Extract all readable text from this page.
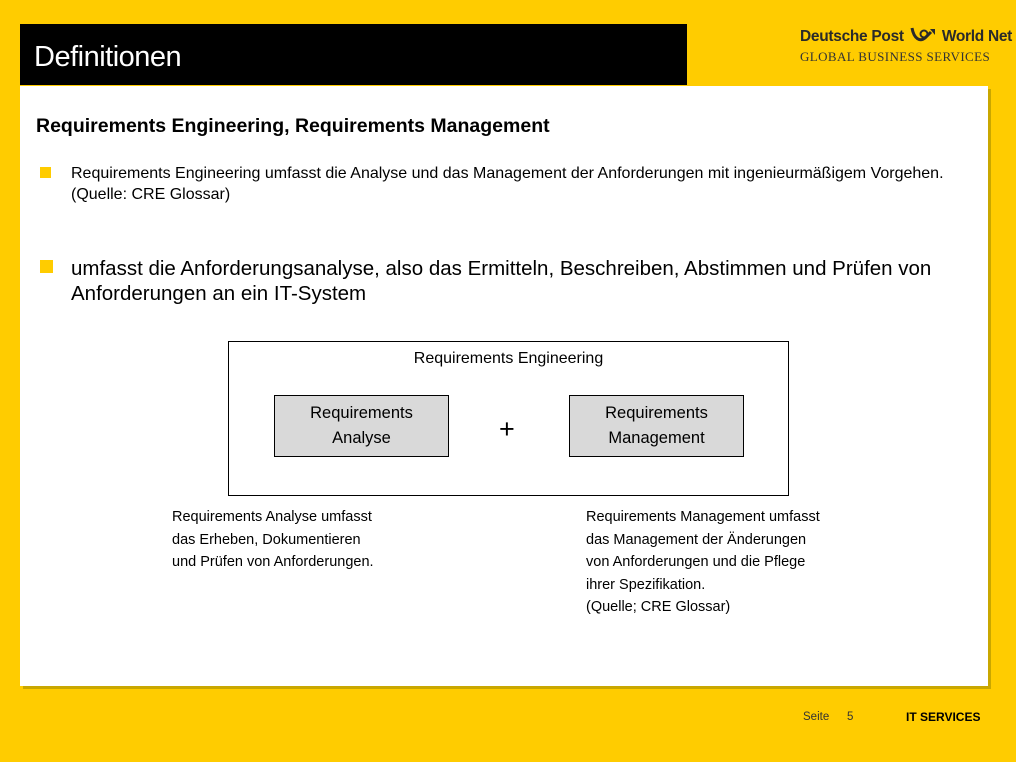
Definitionen
Deutsche Post World Net
GLOBAL BUSINESS SERVICES
Requirements Engineering, Requirements Management
Requirements Engineering umfasst die Analyse und das Management der Anforderungen mit ingenieurmäßigem Vorgehen.
(Quelle: CRE Glossar)
umfasst die Anforderungsanalyse, also das Ermitteln, Beschreiben, Abstimmen und Prüfen von Anforderungen an ein IT-System
Requirements Engineering
Requirements
Analyse	+
Requirements
Management
Requirements Analyse umfasst
das Erheben, Dokumentieren
und Prüfen von Anforderungen.
Requirements Management umfasst
das Management der Änderungen
von Anforderungen und die Pflege
ihrer Spezifikation.
(Quelle; CRE Glossar)
Seite 5	IT SERVICES
